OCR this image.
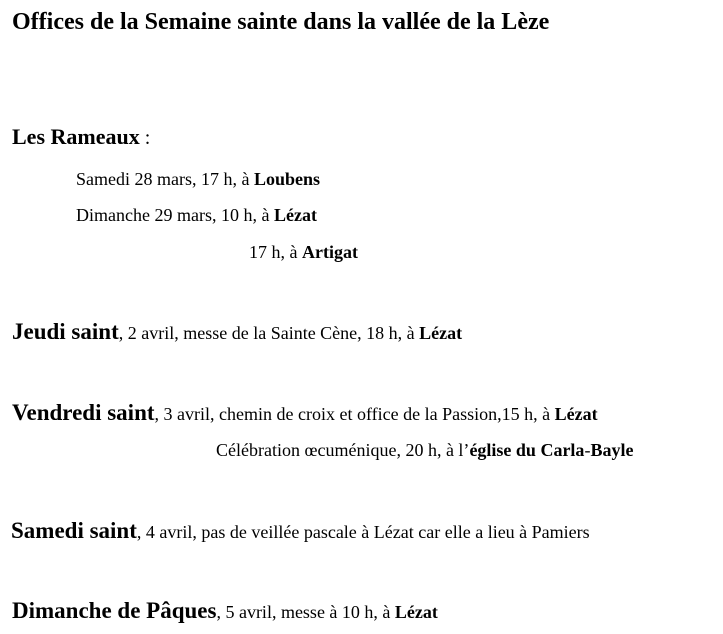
Offices de la Semaine sainte dans la vallée de la Lèze
Les Rameaux :
Samedi 28 mars, 17 h, à Loubens
Dimanche 29 mars, 10 h, à Lézat
17 h, à Artigat
Jeudi saint, 2 avril, messe de la Sainte Cène, 18 h, à Lézat
Vendredi saint, 3 avril, chemin de croix et office de la Passion,15 h, à Lézat
Célébration œcuménique, 20 h, à l’église du Carla-Bayle
Samedi saint, 4 avril, pas de veillée pascale à Lézat car elle a lieu à Pamiers
Dimanche de Pâques, 5 avril, messe à 10 h, à Lézat
